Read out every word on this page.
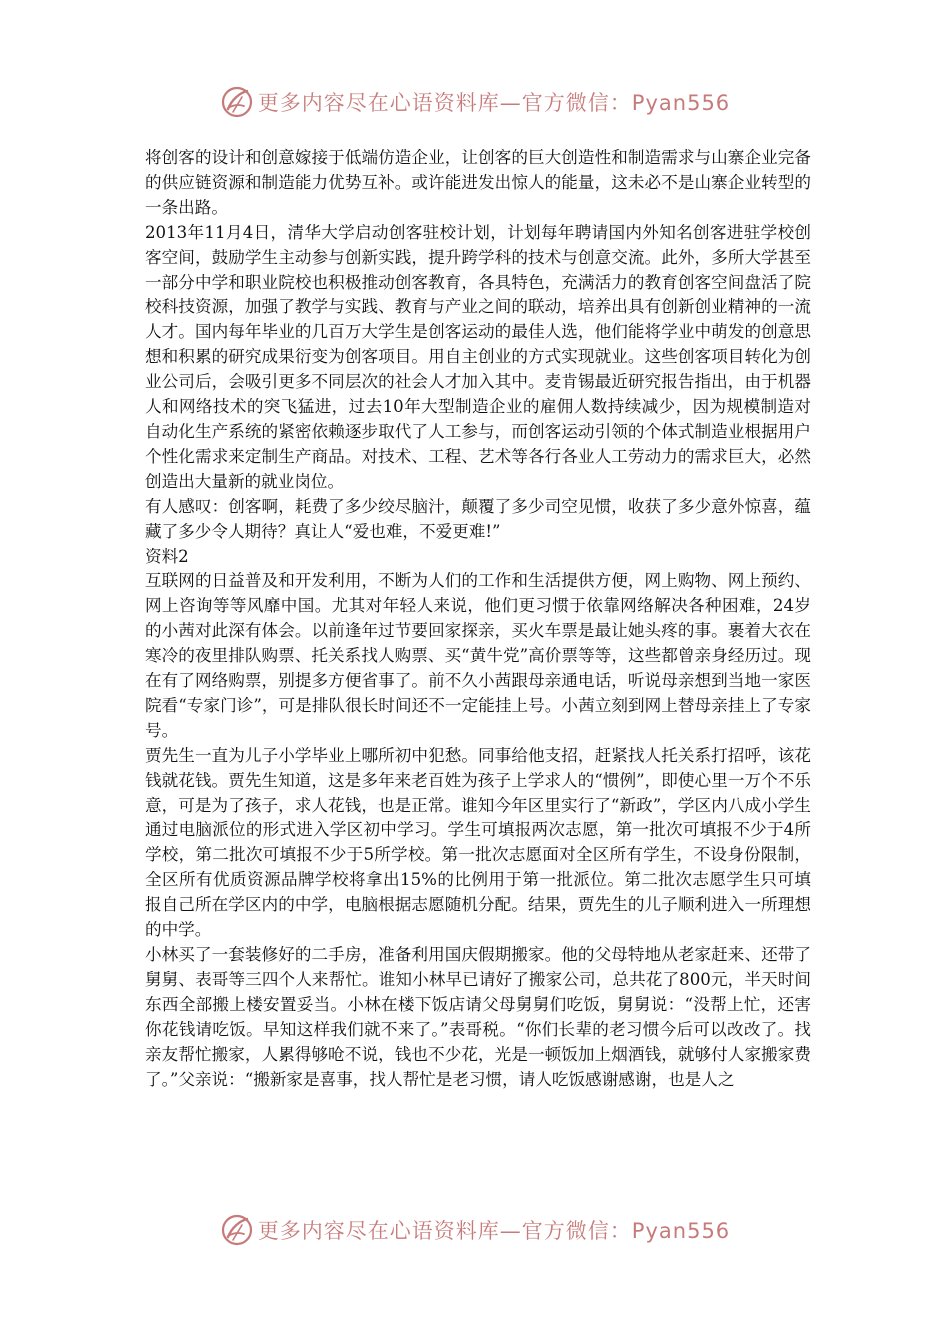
更多内容尽在心语资料库—官方微信：Pyan556

将创客的设计和创意嫁接于低端仿造企业，让创客的巨大创造性和制造需求与山寨企业完备的供应链资源和制造能力优势互补。或许能进发出惊人的能量，这未必不是山寨企业转型的一条出路。

2013年11月4日，清华大学启动创客驻校计划，计划每年聘请国内外知名创客进驻学校创客空间，鼓励学生主动参与创新实践，提升跨学科的技术与创意交流。此外，多所大学甚至一部分中学和职业院校也积极推动创客教育，各具特色，充满活力的教育创客空间盘活了院校科技资源，加强了教学与实践、教育与产业之间的联动，培养出具有创新创业精神的一流人才。国内每年毕业的几百万大学生是创客运动的最佳人选，他们能将学业中萌发的创意思想和积累的研究成果衍变为创客项目。用自主创业的方式实现就业。这些创客项目转化为创业公司后，会吸引更多不同层次的社会人才加入其中。麦肯锡最近研究报告指出，由于机器人和网络技术的突飞猛进，过去10年大型制造企业的雇佣人数持续减少，因为规模制造对自动化生产系统的紧密依赖逐步取代了人工参与，而创客运动引领的个体式制造业根据用户个性化需求来定制生产商品。对技术、工程、艺术等各行各业人工劳动力的需求巨大，必然创造出大量新的就业岗位。

有人感叹：创客啊，耗费了多少绞尽脑汁，颠覆了多少司空见惯，收获了多少意外惊喜，蕴藏了多少令人期待？真让人“爱也难，不爱更难!”

资料2

互联网的日益普及和开发利用，不断为人们的工作和生活提供方便，网上购物、网上预约、网上咨询等等风靡中国。尤其对年轻人来说，他们更习惯于依靠网络解决各种困难，24岁的小茜对此深有体会。以前逢年过节要回家探亲，买火车票是最让她头疼的事。裹着大衣在寒冷的夜里排队购票、托关系找人购票、买“黄牛党”高价票等等，这些都曾亲身经历过。现在有了网络购票，别提多方便省事了。前不久小茜跟母亲通电话，听说母亲想到当地一家医院看“专家门诊”，可是排队很长时间还不一定能挂上号。小茜立刻到网上替母亲挂上了专家号。

贾先生一直为儿子小学毕业上哪所初中犯愁。同事给他支招，赶紧找人托关系打招呼，该花钱就花钱。贾先生知道，这是多年来老百姓为孩子上学求人的“惯例”，即使心里一万个不乐意，可是为了孩子，求人花钱，也是正常。谁知今年区里实行了“新政”，学区内八成小学生通过电脑派位的形式进入学区初中学习。学生可填报两次志愿，第一批次可填报不少于4所学校，第二批次可填报不少于5所学校。第一批次志愿面对全区所有学生，不设身份限制，全区所有优质资源品牌学校将拿出15%的比例用于第一批派位。第二批次志愿学生只可填报自己所在学区内的中学，电脑根据志愿随机分配。结果，贾先生的儿子顺利进入一所理想的中学。

小林买了一套装修好的二手房，准备利用国庆假期搬家。他的父母特地从老家赶来、还带了舅舅、表哥等三四个人来帮忙。谁知小林早已请好了搬家公司，总共花了800元，半天时间东西全部搬上楼安置妥当。小林在楼下饭店请父母舅舅们吃饭，舅舅说：“没帮上忙，还害你花钱请吃饭。早知这样我们就不来了。”表哥税。“你们长辈的老习惯今后可以改改了。找亲友帮忙搬家，人累得够呛不说，钱也不少花，光是一顿饭加上烟酒钱，就够付人家搬家费了。”父亲说：“搬新家是喜事，找人帮忙是老习惯，请人吃饭感谢感谢，也是人之

更多内容尽在心语资料库—官方微信：Pyan556
